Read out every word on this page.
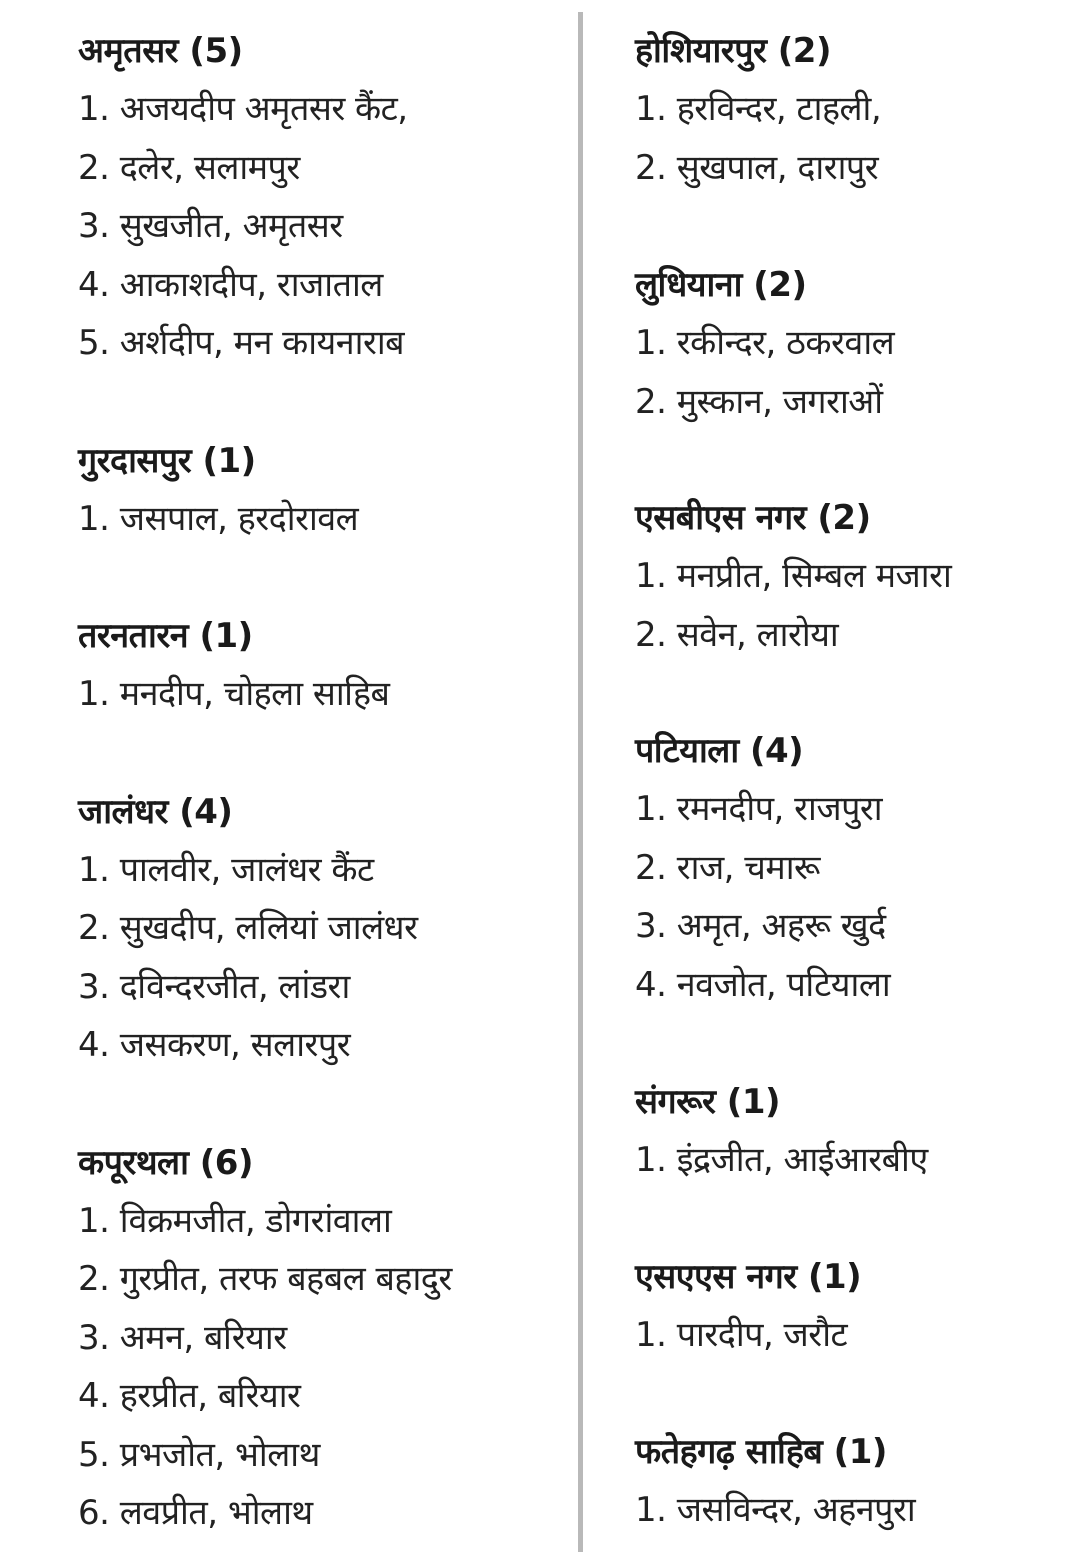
अमृतसर (5)
1. अजयदीप अमृतसर कैंट,
2. दलेर, सलामपुर
3. सुखजीत, अमृतसर
4. आकाशदीप, राजाताल
5. अर्शदीप, मन कायनाराब
गुरदासपुर (1)
1. जसपाल, हरदोरावल
तरनतारन (1)
1. मनदीप, चोहला साहिब
जालंधर (4)
1. पालवीर, जालंधर कैंट
2. सुखदीप, ललियां जालंधर
3. दविन्दरजीत, लांडरा
4. जसकरण, सलारपुर
कपूरथला (6)
1. विक्रमजीत, डोगरांवाला
2. गुरप्रीत, तरफ बहबल बहादुर
3. अमन, बरियार
4. हरप्रीत, बरियार
5. प्रभजोत, भोलाथ
6. लवप्रीत, भोलाथ
होशियारपुर (2)
1. हरविन्दर, टाहली,
2. सुखपाल, दारापुर
लुधियाना (2)
1. रकीन्दर, ठकरवाल
2. मुस्कान, जगराओं
एसबीएस नगर (2)
1. मनप्रीत, सिम्बल मजारा
2. सवेन, लारोया
पटियाला (4)
1. रमनदीप, राजपुरा
2. राज, चमारू
3. अमृत, अहरू खुर्द
4. नवजोत, पटियाला
संगरूर (1)
1. इंद्रजीत, आईआरबीए
एसएएस नगर (1)
1. पारदीप, जरौट
फतेहगढ़ साहिब (1)
1. जसविन्दर, अहनपुरा
